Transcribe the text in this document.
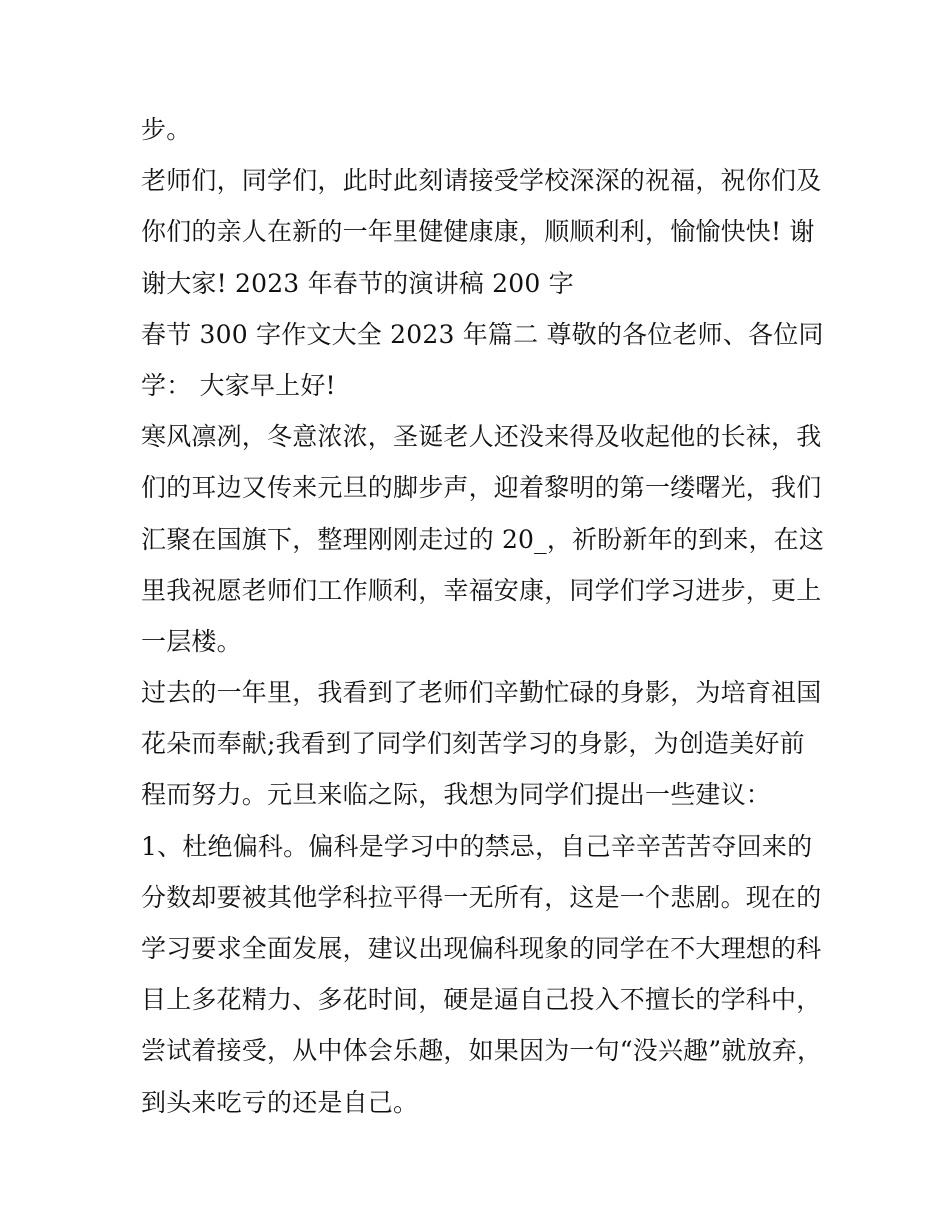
步。
老师们，同学们，此时此刻请接受学校深深的祝福，祝你们及
你们的亲人在新的一年里健健康康，顺顺利利，愉愉快快! 谢
谢大家! 2023 年春节的演讲稿 200 字
春节 300 字作文大全 2023 年篇二 尊敬的各位老师、各位同
学： 大家早上好!
寒风凛冽，冬意浓浓，圣诞老人还没来得及收起他的长袜，我
们的耳边又传来元旦的脚步声，迎着黎明的第一缕曙光，我们
汇聚在国旗下，整理刚刚走过的 20_，祈盼新年的到来，在这
里我祝愿老师们工作顺利，幸福安康，同学们学习进步，更上
一层楼。
过去的一年里，我看到了老师们辛勤忙碌的身影，为培育祖国
花朵而奉献;我看到了同学们刻苦学习的身影，为创造美好前
程而努力。元旦来临之际，我想为同学们提出一些建议：
1、杜绝偏科。偏科是学习中的禁忌，自己辛辛苦苦夺回来的
分数却要被其他学科拉平得一无所有，这是一个悲剧。现在的
学习要求全面发展，建议出现偏科现象的同学在不大理想的科
目上多花精力、多花时间，硬是逼自己投入不擅长的学科中，
尝试着接受，从中体会乐趣，如果因为一句“没兴趣”就放弃，
到头来吃亏的还是自己。
